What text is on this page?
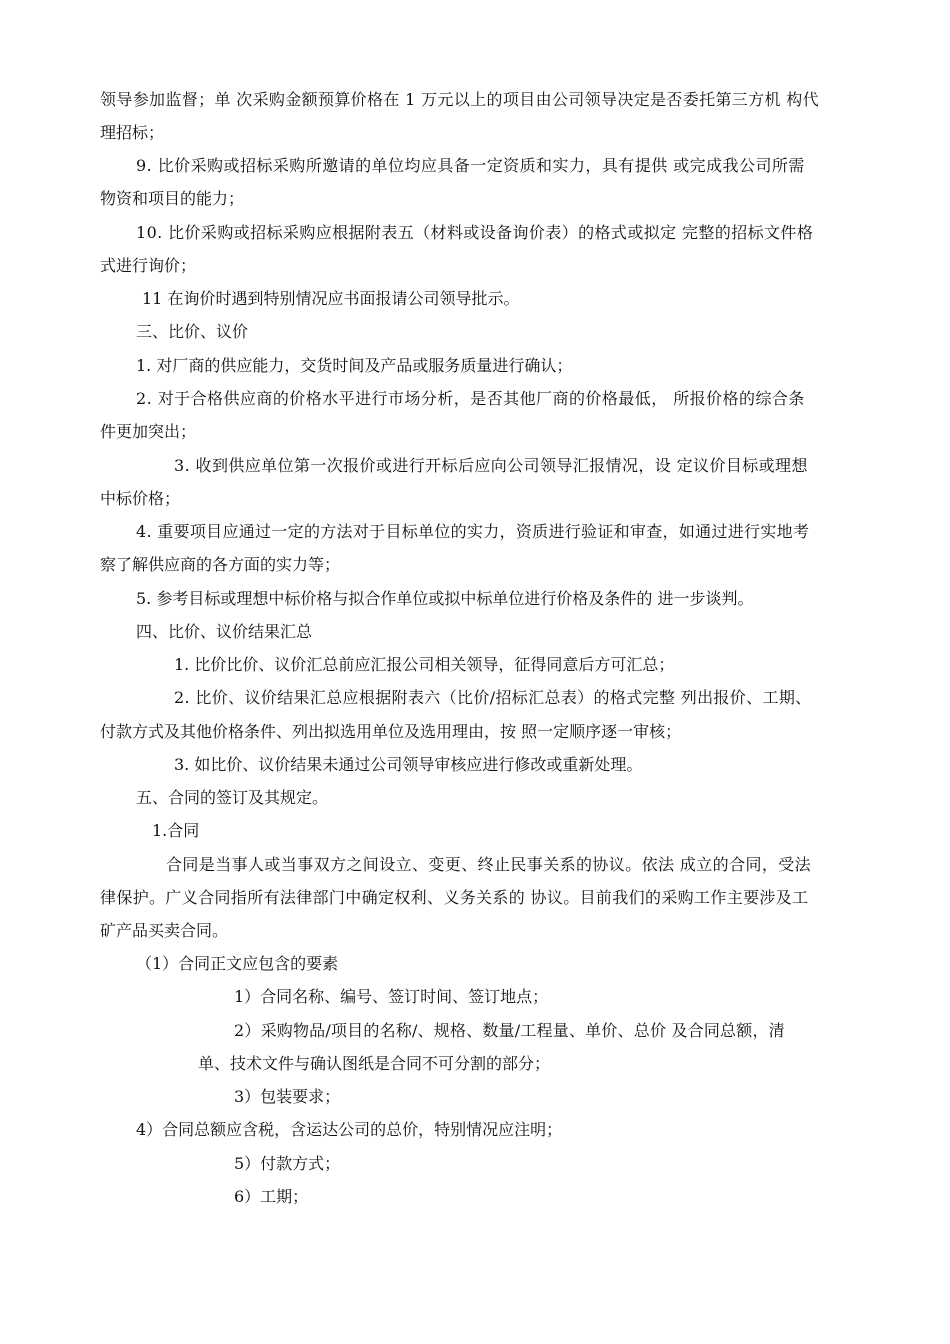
领导参加监督；单 次采购金额预算价格在 1 万元以上的项目由公司领导决定是否委托第三方机 构代

理招标；

9. 比价采购或招标采购所邀请的单位均应具备一定资质和实力，具有提供 或完成我公司所需

物资和项目的能力；

10. 比价采购或招标采购应根据附表五（材料或设备询价表）的格式或拟定 完整的招标文件格

式进行询价；

11 在询价时遇到特别情况应书面报请公司领导批示。

三、比价、议价

1. 对厂商的供应能力，交货时间及产品或服务质量进行确认；

2. 对于合格供应商的价格水平进行市场分析，是否其他厂商的价格最低， 所报价格的综合条

件更加突出；

3. 收到供应单位第一次报价或进行开标后应向公司领导汇报情况，设 定议价目标或理想

中标价格；

4. 重要项目应通过一定的方法对于目标单位的实力，资质进行验证和审查，如通过进行实地考

察了解供应商的各方面的实力等；

5. 参考目标或理想中标价格与拟合作单位或拟中标单位进行价格及条件的 进一步谈判。

四、比价、议价结果汇总

1. 比价比价、议价汇总前应汇报公司相关领导，征得同意后方可汇总；

2. 比价、议价结果汇总应根据附表六（比价/招标汇总表）的格式完整 列出报价、工期、

付款方式及其他价格条件、列出拟选用单位及选用理由，按 照一定顺序逐一审核；

3. 如比价、议价结果未通过公司领导审核应进行修改或重新处理。

五、合同的签订及其规定。

1.合同

合同是当事人或当事双方之间设立、变更、终止民事关系的协议。依法 成立的合同，受法

律保护。广义合同指所有法律部门中确定权利、义务关系的 协议。目前我们的采购工作主要涉及工

矿产品买卖合同。

（1）合同正文应包含的要素

1）合同名称、编号、签订时间、签订地点；

2）采购物品/项目的名称/、规格、数量/工程量、单价、总价 及合同总额，清

单、技术文件与确认图纸是合同不可分割的部分；

3）包装要求；

4）合同总额应含税，含运达公司的总价，特别情况应注明；

5）付款方式；

6）工期；
